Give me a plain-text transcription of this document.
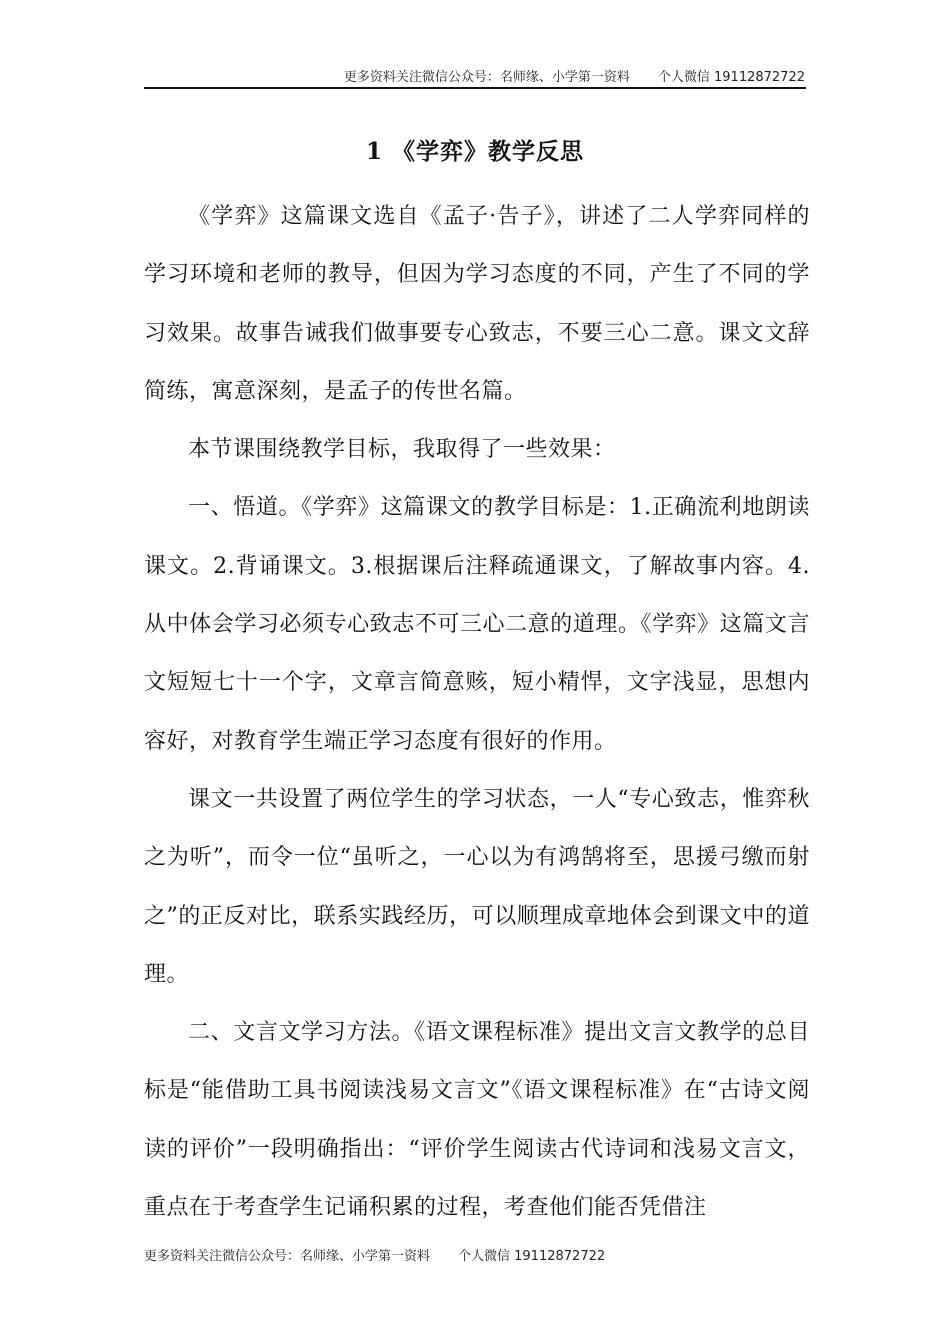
更多资料关注微信公众号：名师缘、小学第一资料 个人微信 19112872722
1 《学弈》教学反思

《学弈》这篇课文选自《孟子·告子》，讲述了二人学弈同样的学习环境和老师的教导，但因为学习态度的不同，产生了不同的学习效果。故事告诫我们做事要专心致志，不要三心二意。课文文辞简练，寓意深刻，是孟子的传世名篇。

本节课围绕教学目标，我取得了一些效果：

一、悟道。《学弈》这篇课文的教学目标是：1.正确流利地朗读课文。2.背诵课文。3.根据课后注释疏通课文，了解故事内容。4.从中体会学习必须专心致志不可三心二意的道理。《学弈》这篇文言文短短七十一个字，文章言简意赅，短小精悍，文字浅显，思想内容好，对教育学生端正学习态度有很好的作用。

课文一共设置了两位学生的学习状态，一人“专心致志，惟弈秋之为听”，而令一位“虽听之，一心以为有鸿鹄将至，思援弓缴而射之”的正反对比，联系实践经历，可以顺理成章地体会到课文中的道理。

二、文言文学习方法。《语文课程标准》提出文言文教学的总目标是“能借助工具书阅读浅易文言文”《语文课程标准》在“古诗文阅读的评价”一段明确指出：“评价学生阅读古代诗词和浅易文言文，重点在于考查学生记诵积累的过程，考查他们能否凭借注

更多资料关注微信公众号：名师缘、小学第一资料 个人微信 19112872722
